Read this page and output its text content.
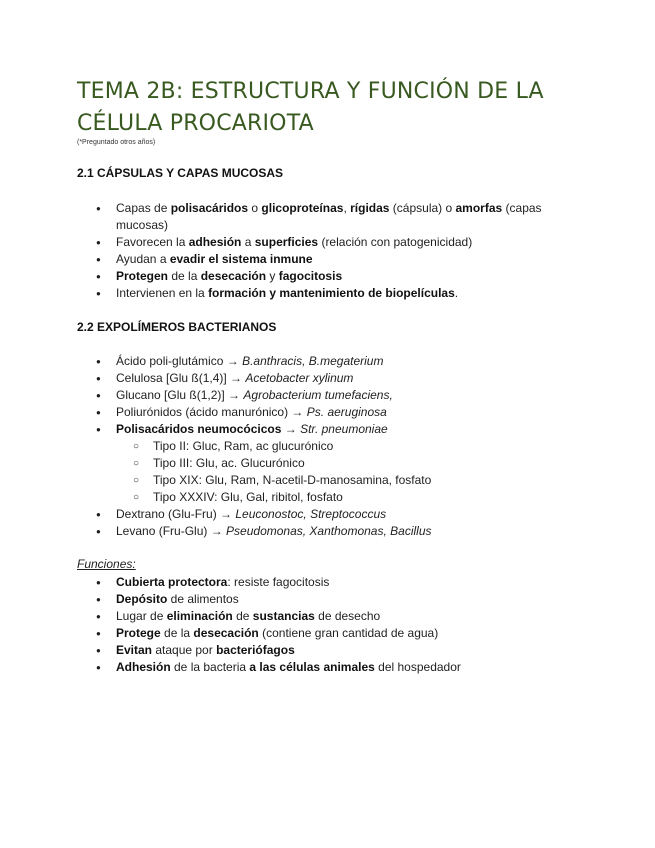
TEMA 2B: ESTRUCTURA Y FUNCIÓN DE LA CÉLULA PROCARIOTA
(*Preguntado otros años)
2.1 CÁPSULAS Y CAPAS MUCOSAS
● Capas de polisacáridos o glicoproteínas, rígidas (cápsula) o amorfas (capas mucosas)
● Favorecen la adhesión a superficies (relación con patogenicidad)
● Ayudan a evadir el sistema inmune
● Protegen de la desecación y fagocitosis
● Intervienen en la formación y mantenimiento de biopelículas.
2.2 EXPOLÍMEROS BACTERIANOS
● Ácido poli-glutámico → B.anthracis, B.megaterium
● Celulosa [Glu ß(1,4)] → Acetobacter xylinum
● Glucano [Glu ß(1,2)] → Agrobacterium tumefaciens,
● Poliurónidos (ácido manurónico) → Ps. aeruginosa
● Polisacáridos neumocócicos → Str. pneumoniae
○ Tipo II: Gluc, Ram, ac glucurónico
○ Tipo III: Glu, ac. Glucurónico
○ Tipo XIX: Glu, Ram, N-acetil-D-manosamina, fosfato
○ Tipo XXXIV: Glu, Gal, ribitol, fosfato
● Dextrano (Glu-Fru) → Leuconostoc, Streptococcus
● Levano (Fru-Glu) → Pseudomonas, Xanthomonas, Bacillus
Funciones:
● Cubierta protectora: resiste fagocitosis
● Depósito de alimentos
● Lugar de eliminación de sustancias de desecho
● Protege de la desecación (contiene gran cantidad de agua)
● Evitan ataque por bacteriófagos
● Adhesión de la bacteria a las células animales del hospedador
